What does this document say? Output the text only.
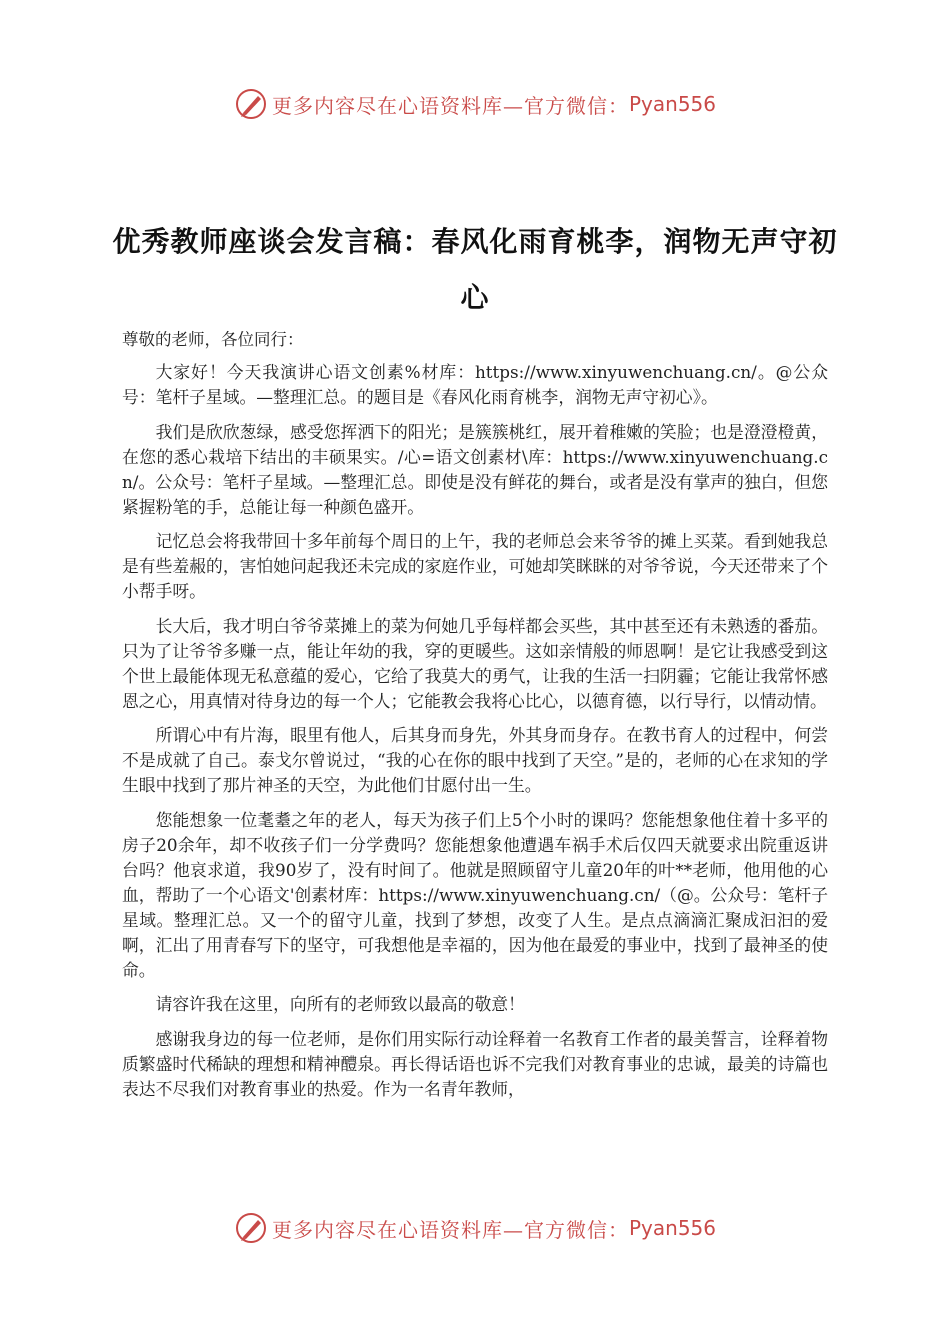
更多内容尽在心语资料库—官方微信： Pyan556
优秀教师座谈会发言稿：春风化雨育桃李，润物无声守初心
尊敬的老师，各位同行：

大家好！今天我演讲心语文创素%材库：https://www.xinyuwenchuang.cn/。@公众号：笔杆子星域。—整理汇总。的题目是《春风化雨育桃李，润物无声守初心》。

我们是欣欣葱绿，感受您挥洒下的阳光；是簇簇桃红，展开着稚嫩的笑脸；也是澄澄橙黄，在您的悉心栽培下结出的丰硕果实。/心=语文创素材\库：https://www.xinyuwenchuang.cn/。公众号：笔杆子星域。—整理汇总。即使是没有鲜花的舞台，或者是没有掌声的独白，但您紧握粉笔的手，总能让每一种颜色盛开。

记忆总会将我带回十多年前每个周日的上午，我的老师总会来爷爷的摊上买菜。看到她我总是有些羞赧的，害怕她问起我还未完成的家庭作业，可她却笑眯眯的对爷爷说，今天还带来了个小帮手呀。

长大后，我才明白爷爷菜摊上的菜为何她几乎每样都会买些，其中甚至还有未熟透的番茄。只为了让爷爷多赚一点，能让年幼的我，穿的更暖些。这如亲情般的师恩啊！是它让我感受到这个世上最能体现无私意蕴的爱心，它给了我莫大的勇气，让我的生活一扫阴霾；它能让我常怀感恩之心，用真情对待身边的每一个人；它能教会我将心比心，以德育德，以行导行，以情动情。

所谓心中有片海，眼里有他人，后其身而身先，外其身而身存。在教书育人的过程中，何尝不是成就了自己。泰戈尔曾说过，“我的心在你的眼中找到了天空。”是的，老师的心在求知的学生眼中找到了那片神圣的天空，为此他们甘愿付出一生。

您能想象一位耄耋之年的老人，每天为孩子们上5个小时的课吗？您能想象他住着十多平的房子20余年，却不收孩子们一分学费吗？您能想象他遭遇车祸手术后仅四天就要求出院重返讲台吗？他哀求道，我90岁了，没有时间了。他就是照顾留守儿童20年的叶**老师，他用他的心血，帮助了一个心语文'创素材库：https://www.xinyuwenchuang.cn/（@。公众号：笔杆子星域。整理汇总。又一个的留守儿童，找到了梦想，改变了人生。是点点滴滴汇聚成汩汩的爱啊，汇出了用青春写下的坚守，可我想他是幸福的，因为他在最爱的事业中，找到了最神圣的使命。

请容许我在这里，向所有的老师致以最高的敬意！

感谢我身边的每一位老师，是你们用实际行动诠释着一名教育工作者的最美誓言，诠释着物质繁盛时代稀缺的理想和精神醴泉。再长得话语也诉不完我们对教育事业的忠诚，最美的诗篇也表达不尽我们对教育事业的热爱。作为一名青年教师，

更多内容尽在心语资料库—官方微信： Pyan556
